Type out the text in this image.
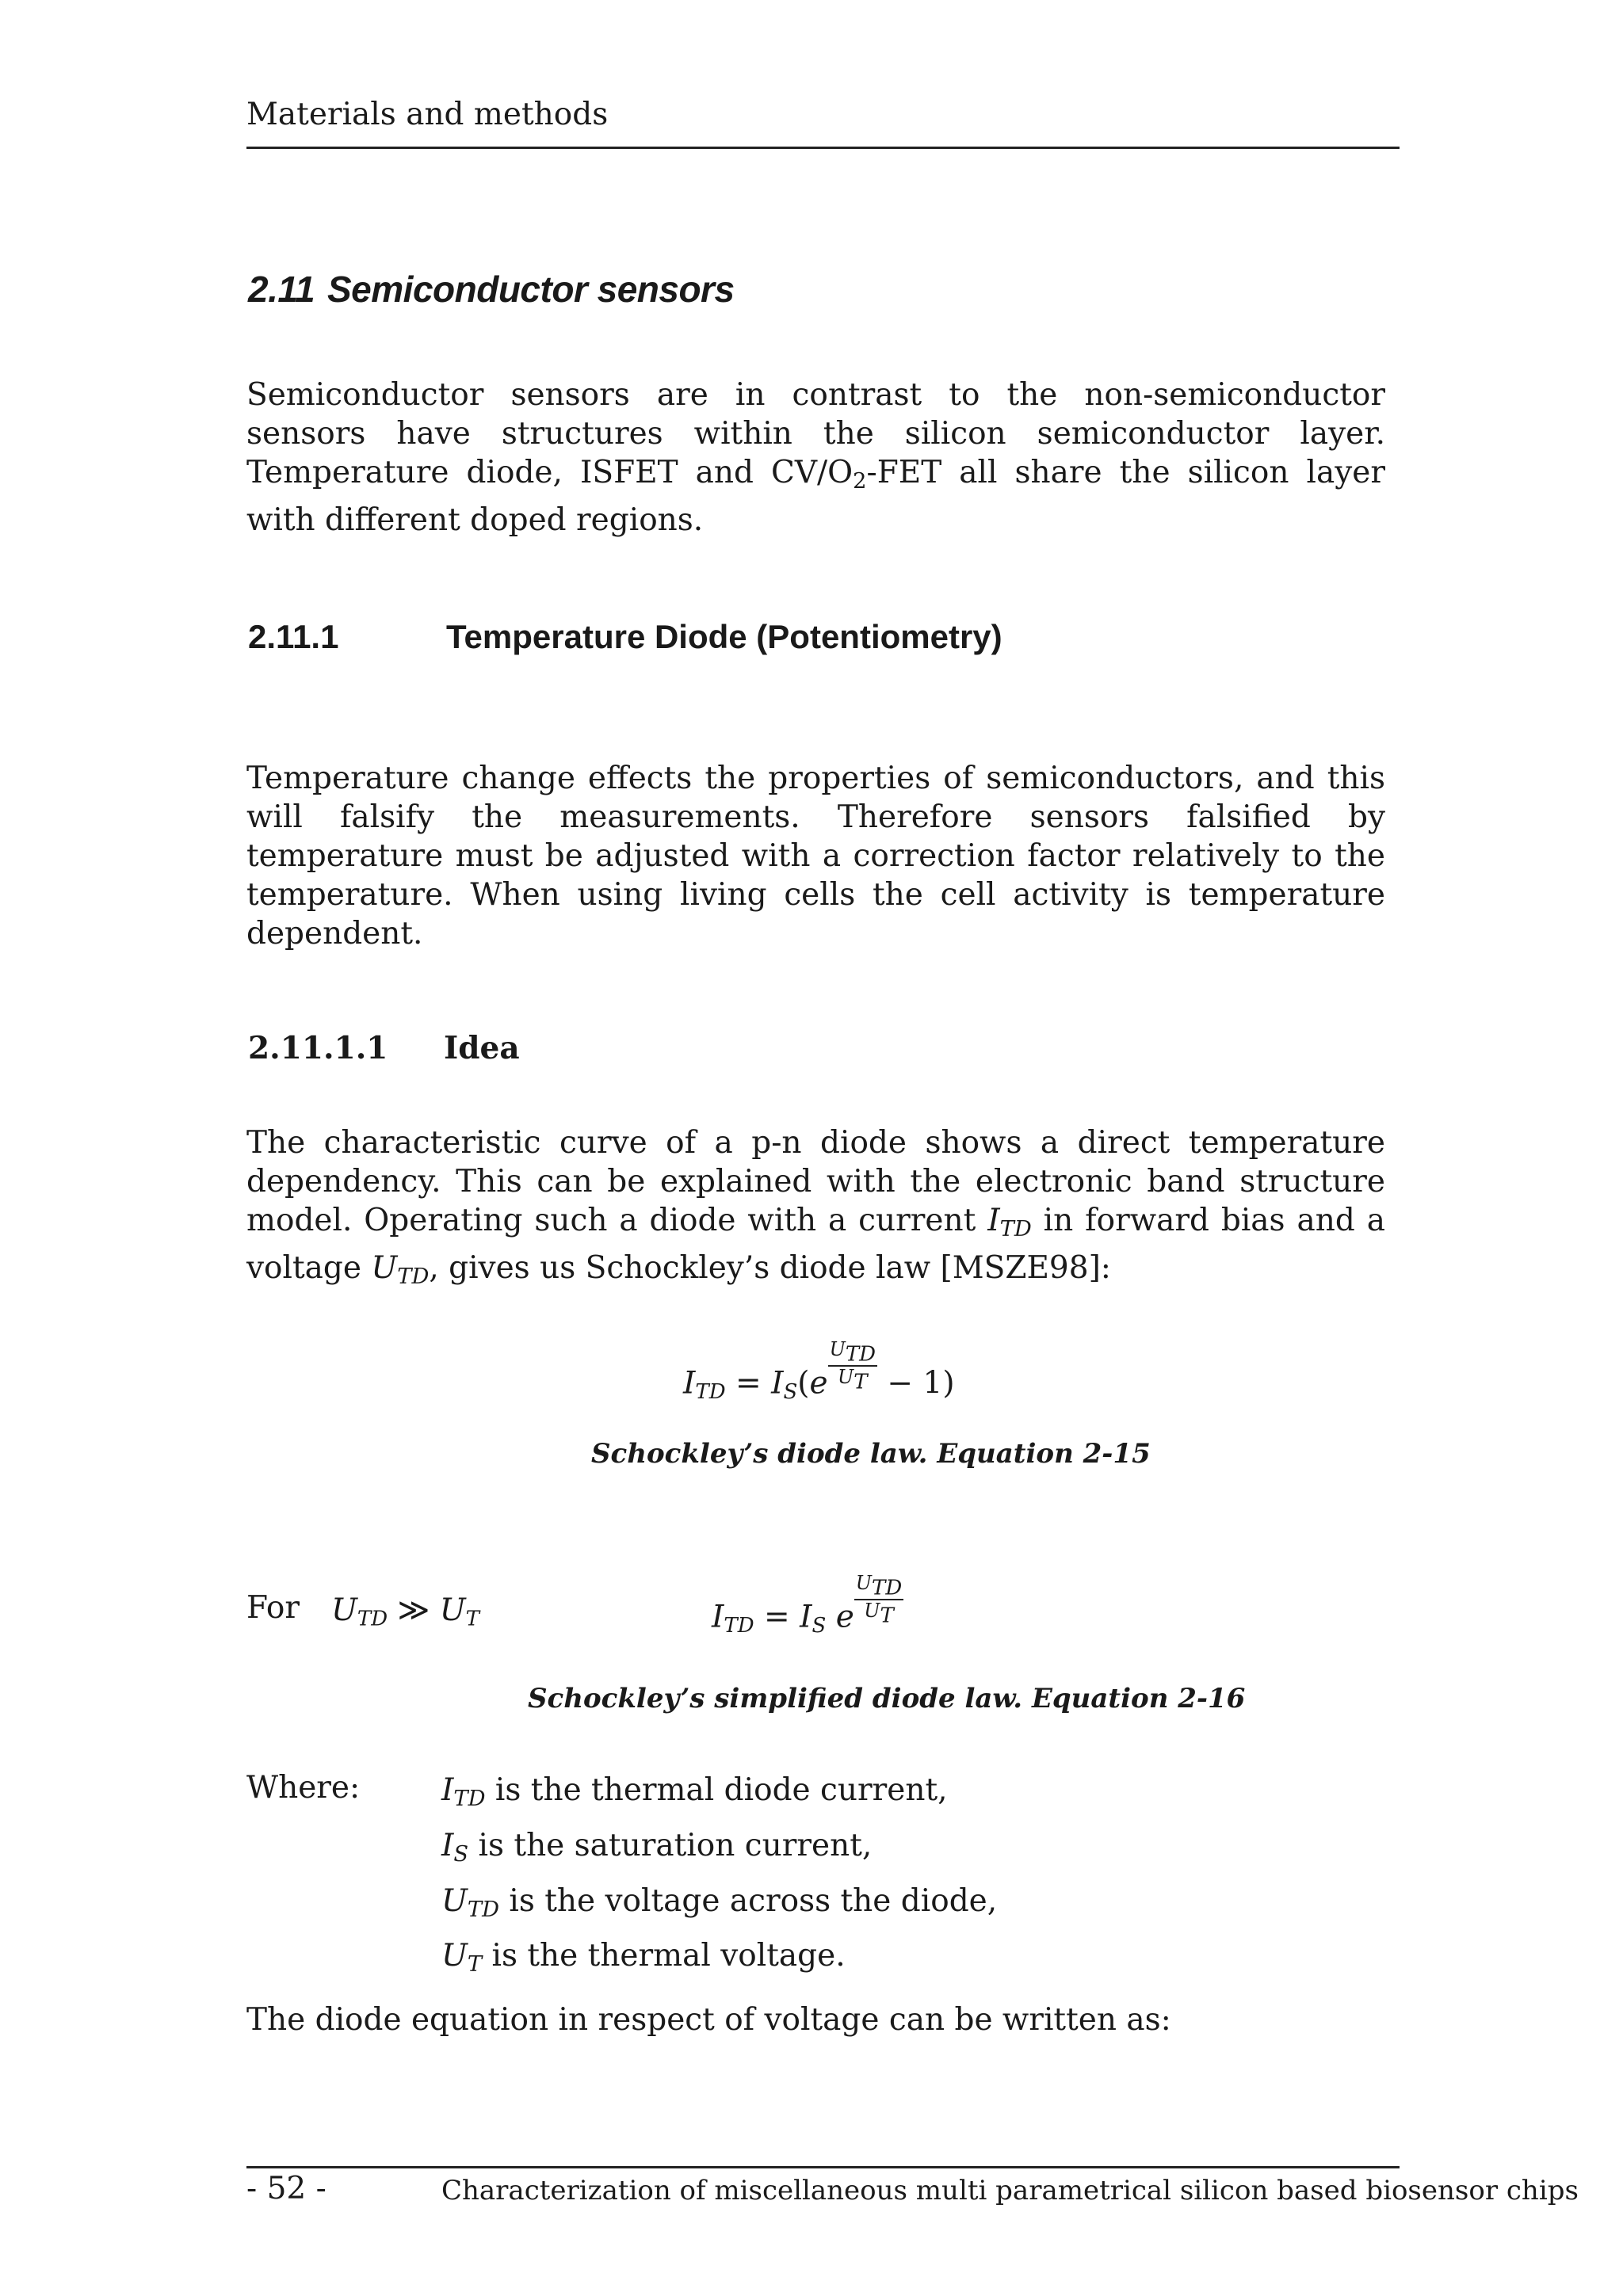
Materials and methods
2.11 Semiconductor sensors

Semiconductor sensors are in contrast to the non-semiconductor sensors have structures within the silicon semiconductor layer. Temperature diode, ISFET and $CV/O_2$-FET all share the silicon layer with different doped regions.

2.11.1	Temperature Diode (Potentiometry)

Temperature change effects the properties of semiconductors, and this will falsify the measurements. Therefore sensors falsified by temperature must be adjusted with a correction factor relatively to the temperature. When using living cells the cell activity is temperature dependent.

2.11.1.1 Idea

The characteristic curve of a p-n diode shows a direct temperature dependency. This can be explained with the electronic band structure model. Operating such a diode with a current $I_{TD}$ in forward bias and a voltage $U_{TD}$, gives us Schockley’s diode law [MSZE98]:

$I_{TD} = I_S(e \frac{U_{TD}}{U_T} - 1)$
Schockley’s diode law. Equation 2-15
For $U_{TD}$ ≫ $U_T$	$I_{TD} = I_S$ e $\frac{U_{TD}}{U_T}$
Schockley’s simplified diode law. Equation 2-16
Where:	$I_{TD}$ is the thermal diode current,
$I_S$ is the saturation current,
$U_{TD}$ is the voltage across the diode,
$U_T$ is the thermal voltage.
The diode equation in respect of voltage can be written as:
- 52 -	Characterization of miscellaneous multi parametrical silicon based biosensor chips
